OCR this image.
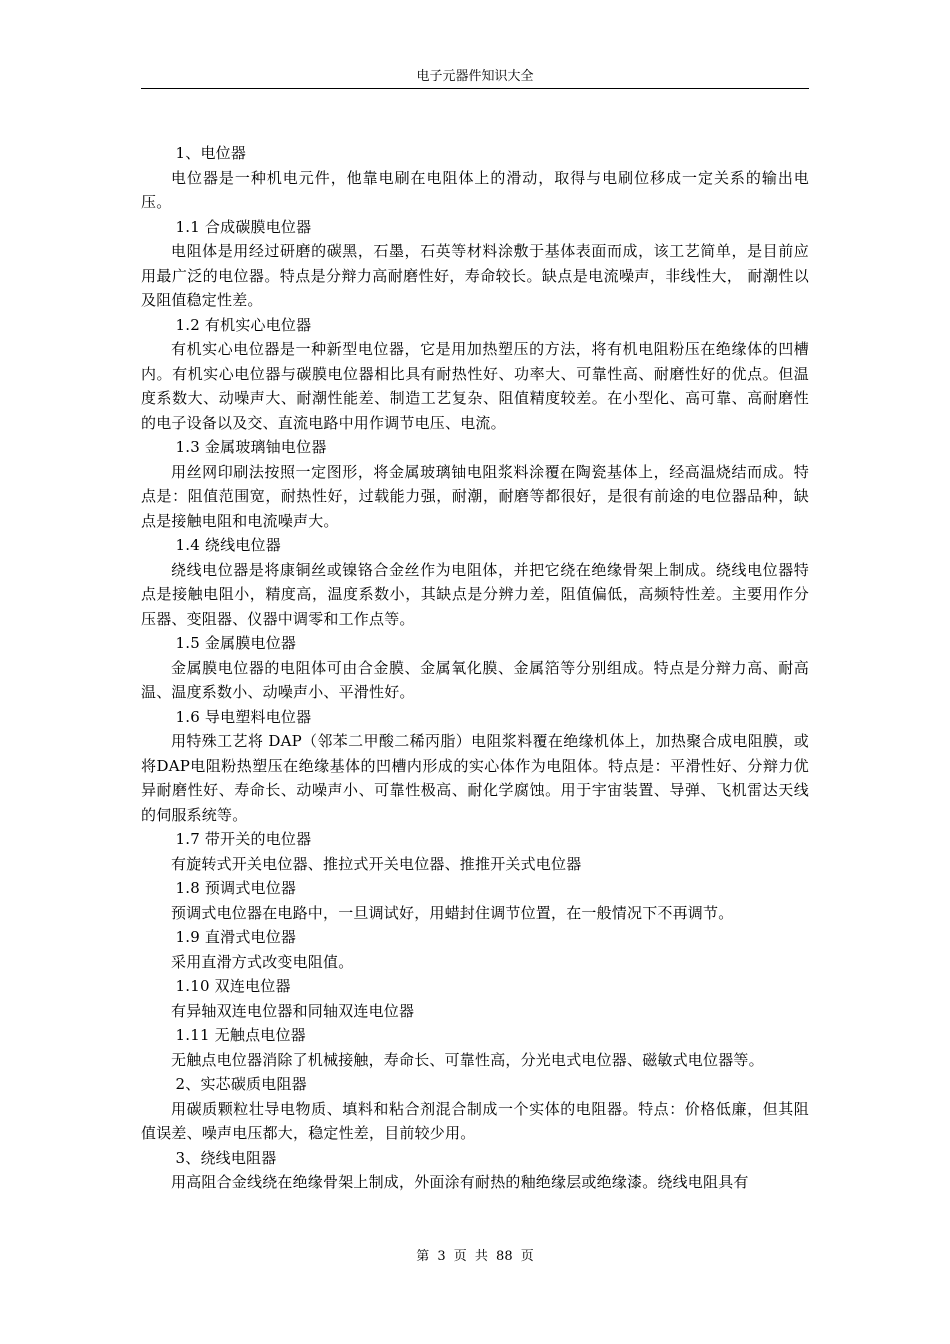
电子元器件知识大全

1、电位器

电位器是一种机电元件，他靠电刷在电阻体上的滑动，取得与电刷位移成一定关系的输出电压。

1.1 合成碳膜电位器

电阻体是用经过研磨的碳黑，石墨，石英等材料涂敷于基体表面而成，该工艺简单，是目前应用最广泛的电位器。特点是分辩力高耐磨性好，寿命较长。缺点是电流噪声，非线性大， 耐潮性以及阻值稳定性差。

1.2 有机实心电位器

有机实心电位器是一种新型电位器，它是用加热塑压的方法，将有机电阻粉压在绝缘体的凹槽内。有机实心电位器与碳膜电位器相比具有耐热性好、功率大、可靠性高、耐磨性好的优点。但温度系数大、动噪声大、耐潮性能差、制造工艺复杂、阻值精度较差。在小型化、高可靠、高耐磨性的电子设备以及交、直流电路中用作调节电压、电流。

1.3 金属玻璃铀电位器

用丝网印刷法按照一定图形，将金属玻璃铀电阻浆料涂覆在陶瓷基体上，经高温烧结而成。特点是：阻值范围宽，耐热性好，过载能力强，耐潮，耐磨等都很好，是很有前途的电位器品种，缺点是接触电阻和电流噪声大。

1.4 绕线电位器

绕线电位器是将康铜丝或镍铬合金丝作为电阻体，并把它绕在绝缘骨架上制成。绕线电位器特点是接触电阻小，精度高，温度系数小，其缺点是分辨力差，阻值偏低，高频特性差。主要用作分压器、变阻器、仪器中调零和工作点等。

1.5 金属膜电位器

金属膜电位器的电阻体可由合金膜、金属氧化膜、金属箔等分别组成。特点是分辩力高、耐高温、温度系数小、动噪声小、平滑性好。

1.6 导电塑料电位器

用特殊工艺将 DAP（邻苯二甲酸二稀丙脂）电阻浆料覆在绝缘机体上，加热聚合成电阻膜，或将DAP电阻粉热塑压在绝缘基体的凹槽内形成的实心体作为电阻体。特点是：平滑性好、分辩力优异耐磨性好、寿命长、动噪声小、可靠性极高、耐化学腐蚀。用于宇宙装置、导弹、飞机雷达天线的伺服系统等。

1.7 带开关的电位器

有旋转式开关电位器、推拉式开关电位器、推推开关式电位器

1.8 预调式电位器

预调式电位器在电路中，一旦调试好，用蜡封住调节位置，在一般情况下不再调节。

1.9 直滑式电位器

采用直滑方式改变电阻值。

1.10 双连电位器

有异轴双连电位器和同轴双连电位器

1.11 无触点电位器

无触点电位器消除了机械接触，寿命长、可靠性高，分光电式电位器、磁敏式电位器等。

2、实芯碳质电阻器

用碳质颗粒壮导电物质、填料和粘合剂混合制成一个实体的电阻器。特点：价格低廉，但其阻值误差、噪声电压都大，稳定性差，目前较少用。

3、绕线电阻器

用高阻合金线绕在绝缘骨架上制成，外面涂有耐热的釉绝缘层或绝缘漆。绕线电阻具有

第 3 页 共 88 页
